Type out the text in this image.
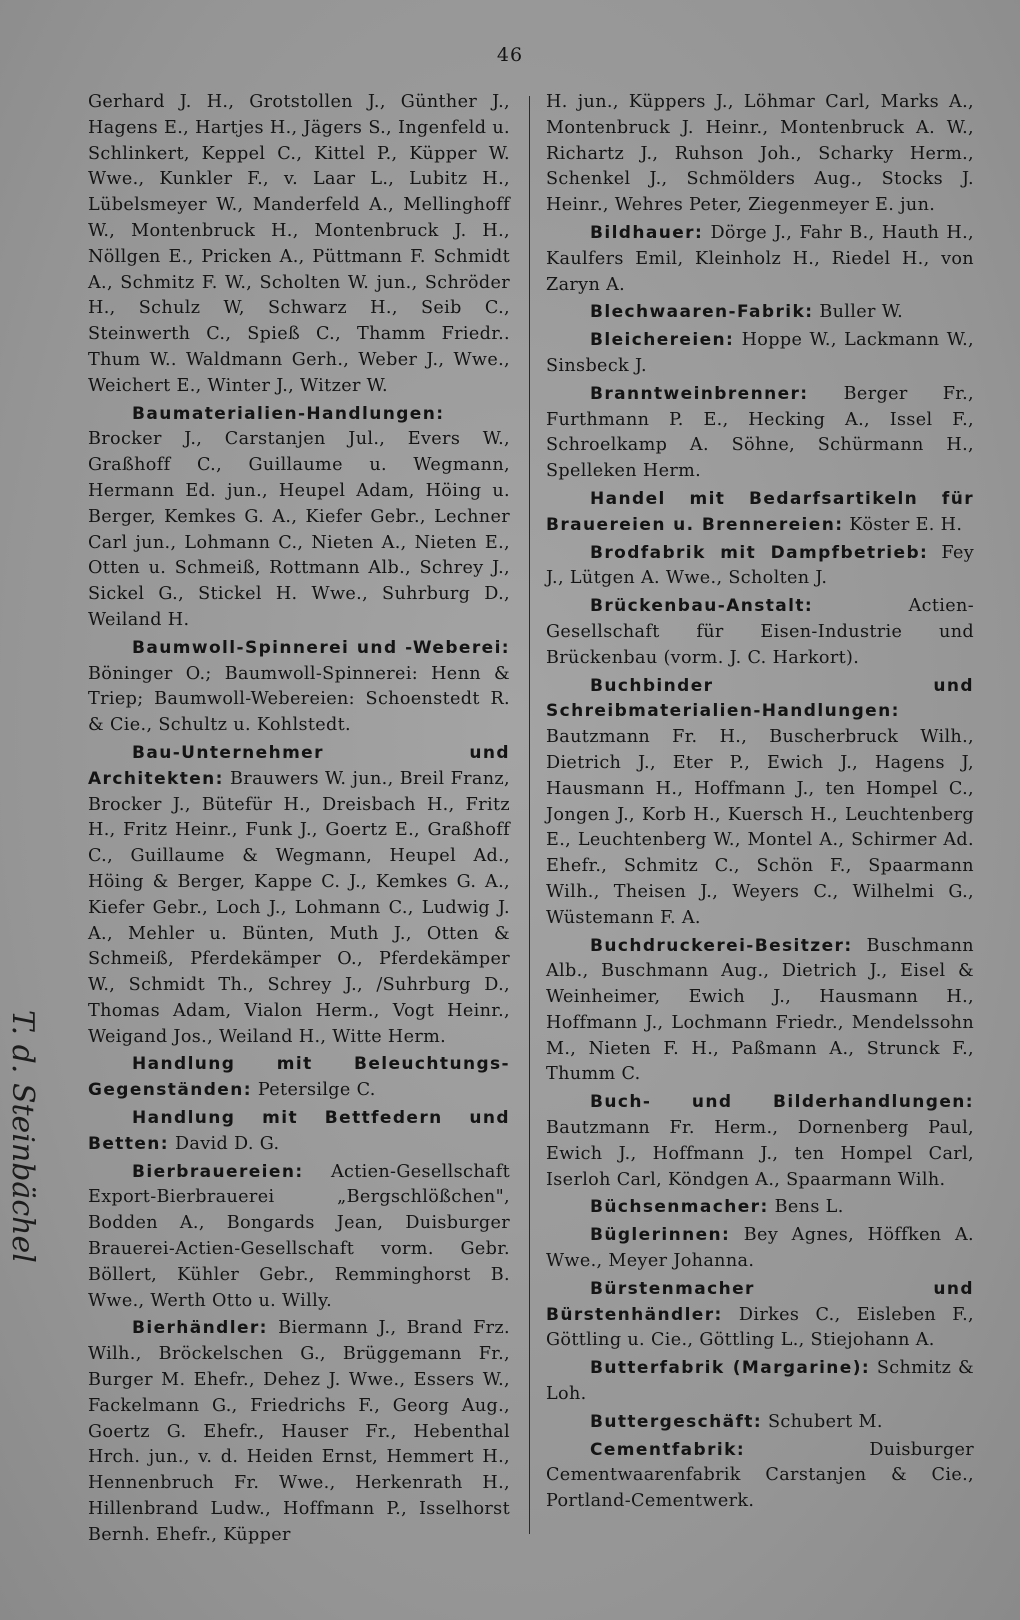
46

Gerhard J. H., Grotstollen J., Günther J., Hagens E., Hartjes H., Jägers S., Ingenfeld u. Schlinkert, Keppel C., Kittel P., Küpper W. Wwe., Kunkler F., v. Laar L., Lubitz H., Lübelsmeyer W., Manderfeld A., Mellinghoff W., Montenbruck H., Montenbruck J. H., Nöllgen E., Pricken A., Püttmann F. Schmidt A., Schmitz F. W., Scholten W. jun., Schröder H., Schulz W, Schwarz H., Seib C., Steinwerth C., Spieß C., Thamm Friedr.. Thum W.. Waldmann Gerh., Weber J., Wwe., Weichert E., Winter J., Witzer W.

Baumaterialien-Handlungen: Brocker J., Carstanjen Jul., Evers W., Graßhoff C., Guillaume u. Wegmann, Hermann Ed. jun., Heupel Adam, Höing u. Berger, Kemkes G. A., Kiefer Gebr., Lechner Carl jun., Lohmann C., Nieten A., Nieten E., Otten u. Schmeiß, Rottmann Alb., Schrey J., Sickel G., Stickel H. Wwe., Suhrburg D., Weiland H.

Baumwoll-Spinnerei und -Weberei: Böninger O.; Baumwoll-Spinnerei: Henn & Triep; Baumwoll-Webereien: Schoenstedt R. & Cie., Schultz u. Kohlstedt.

Bau-Unternehmer und Architekten: Brauwers W. jun., Breil Franz, Brocker J., Bütefür H., Dreisbach H., Fritz H., Fritz Heinr., Funk J., Goertz E., Graßhoff C., Guillaume & Wegmann, Heupel Ad., Höing & Berger, Kappe C. J., Kemkes G. A., Kiefer Gebr., Loch J., Lohmann C., Ludwig J. A., Mehler u. Bünten, Muth J., Otten & Schmeiß, Pferdekämper O., Pferdekämper W., Schmidt Th., Schrey J., /Suhrburg D., Thomas Adam, Vialon Herm., Vogt Heinr., Weigand Jos., Weiland H., Witte Herm.

Handlung mit Beleuchtungs-Gegenständen: Petersilge C.

Handlung mit Bettfedern und Betten: David D. G.

Bierbrauereien: Actien-Gesellschaft Export-Bierbrauerei „Bergschlößchen", Bodden A., Bongards Jean, Duisburger Brauerei-Actien-Gesellschaft vorm. Gebr. Böllert, Kühler Gebr., Remminghorst B. Wwe., Werth Otto u. Willy.

Bierhändler: Biermann J., Brand Frz. Wilh., Bröckelschen G., Brüggemann Fr., Burger M. Ehefr., Dehez J. Wwe., Essers W., Fackelmann G., Friedrichs F., Georg Aug., Goertz G. Ehefr., Hauser Fr., Hebenthal Hrch. jun., v. d. Heiden Ernst, Hemmert H., Hennenbruch Fr. Wwe., Herkenrath H., Hillenbrand Ludw., Hoffmann P., Isselhorst Bernh. Ehefr., Küpper

H. jun., Küppers J., Löhmar Carl, Marks A., Montenbruck J. Heinr., Montenbruck A. W., Richartz J., Ruhson Joh., Scharky Herm., Schenkel J., Schmölders Aug., Stocks J. Heinr., Wehres Peter, Ziegenmeyer E. jun.

Bildhauer: Dörge J., Fahr B., Hauth H., Kaulfers Emil, Kleinholz H., Riedel H., von Zaryn A.

Blechwaaren-Fabrik: Buller W.

Bleichereien: Hoppe W., Lackmann W., Sinsbeck J.

Branntweinbrenner: Berger Fr., Furthmann P. E., Hecking A., Issel F., Schroelkamp A. Söhne, Schürmann H., Spelleken Herm.

Handel mit Bedarfsartikeln für Brauereien u. Brennereien: Köster E. H.

Brodfabrik mit Dampfbetrieb: Fey J., Lütgen A. Wwe., Scholten J.

Brückenbau-Anstalt:	Actien-Gesellschaft für Eisen-Industrie und Brückenbau (vorm. J. C. Harkort).

Buchbinder und Schreibmaterialien-Handlungen: Bautzmann Fr. H., Buscherbruck Wilh., Dietrich J., Eter P., Ewich J., Hagens J, Hausmann H., Hoffmann J., ten Hompel C., Jongen J., Korb H., Kuersch H., Leuchtenberg E., Leuchtenberg W., Montel A., Schirmer Ad. Ehefr., Schmitz C., Schön F., Spaarmann Wilh., Theisen J., Weyers C., Wilhelmi G., Wüstemann F. A.

Buchdruckerei-Besitzer: Buschmann Alb., Buschmann Aug., Dietrich J., Eisel & Weinheimer, Ewich J., Hausmann H., Hoffmann J., Lochmann Friedr., Mendelssohn M., Nieten F. H., Paßmann A., Strunck F., Thumm C.

Buch- und Bilderhandlungen: Bautzmann Fr. Herm., Dornenberg Paul, Ewich J., Hoffmann J., ten Hompel Carl, Iserloh Carl, Köndgen A., Spaarmann Wilh.

Büchsenmacher: Bens L.

Büglerinnen: Bey Agnes, Höffken A. Wwe., Meyer Johanna.

Bürstenmacher und Bürstenhändler: Dirkes C., Eisleben F., Göttling u. Cie., Göttling L., Stiejohann A.

Butterfabrik (Margarine): Schmitz & Loh.

Buttergeschäft: Schubert M.

Cementfabrik:	Duisburger Cementwaarenfabrik Carstanjen & Cie., Portland-Cementwerk.

T. d. Steinbächel
